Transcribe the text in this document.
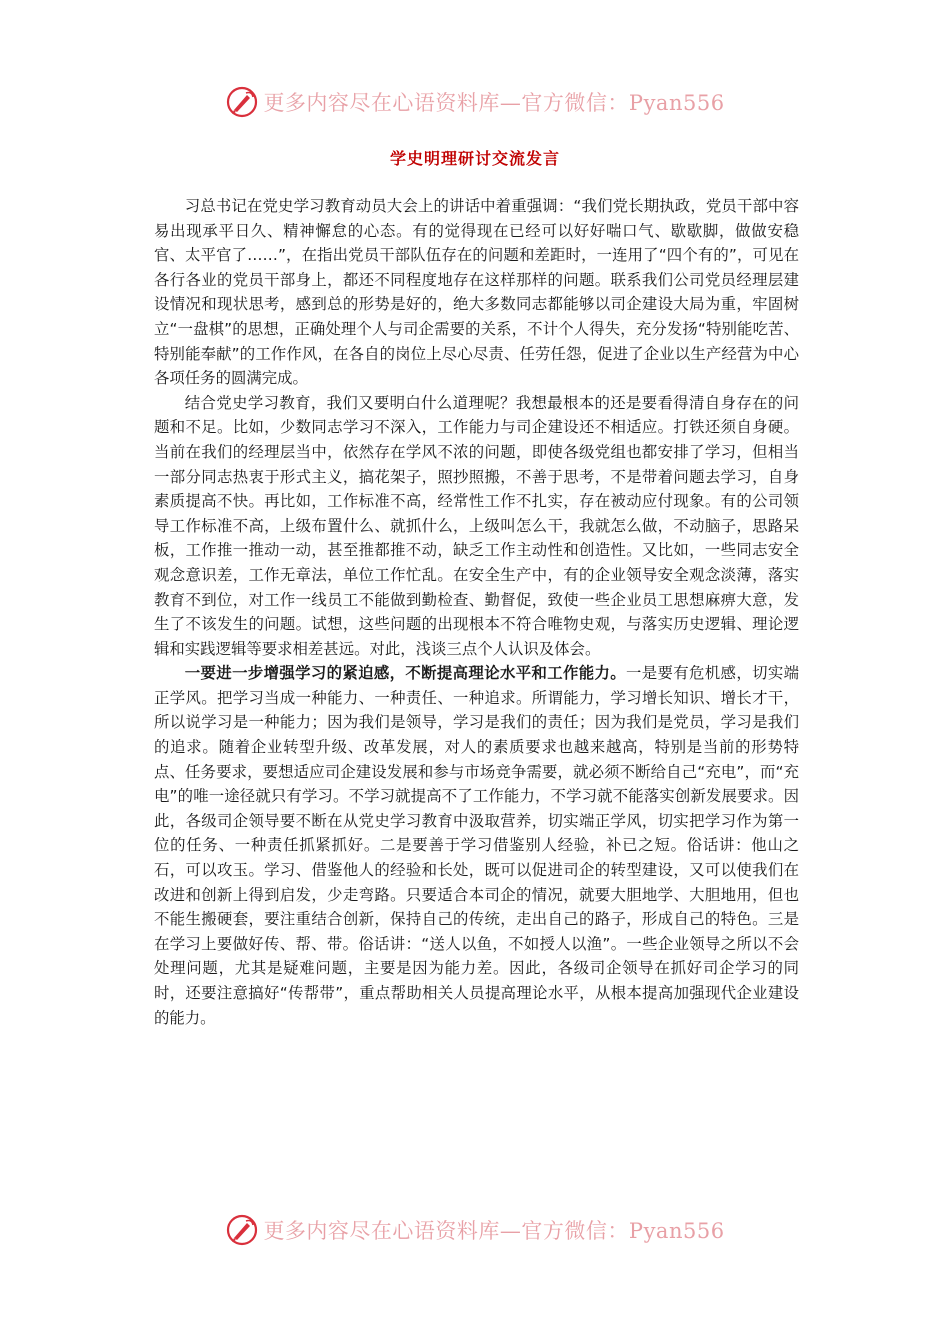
更多内容尽在心语资料库—官方微信：Pyan556
学史明理研讨交流发言

习总书记在党史学习教育动员大会上的讲话中着重强调：“我们党长期执政，党员干部中容易出现承平日久、精神懈怠的心态。有的觉得现在已经可以好好喘口气、歇歇脚，做做安稳官、太平官了……”，在指出党员干部队伍存在的问题和差距时，一连用了“四个有的”，可见在各行各业的党员干部身上，都还不同程度地存在这样那样的问题。联系我们公司党员经理层建设情况和现状思考，感到总的形势是好的，绝大多数同志都能够以司企建设大局为重，牢固树立“一盘棋”的思想，正确处理个人与司企需要的关系，不计个人得失，充分发扬“特别能吃苦、特别能奉献”的工作作风，在各自的岗位上尽心尽责、任劳任怨，促进了企业以生产经营为中心各项任务的圆满完成。

结合党史学习教育，我们又要明白什么道理呢？我想最根本的还是要看得清自身存在的问题和不足。比如，少数同志学习不深入，工作能力与司企建设还不相适应。打铁还须自身硬。当前在我们的经理层当中，依然存在学风不浓的问题，即使各级党组也都安排了学习，但相当一部分同志热衷于形式主义，搞花架子，照抄照搬，不善于思考，不是带着问题去学习，自身素质提高不快。再比如，工作标准不高，经常性工作不扎实，存在被动应付现象。有的公司领导工作标准不高，上级布置什么、就抓什么，上级叫怎么干，我就怎么做，不动脑子，思路呆板，工作推一推动一动，甚至推都推不动，缺乏工作主动性和创造性。又比如，一些同志安全观念意识差，工作无章法，单位工作忙乱。在安全生产中，有的企业领导安全观念淡薄，落实教育不到位，对工作一线员工不能做到勤检查、勤督促，致使一些企业员工思想麻痹大意，发生了不该发生的问题。试想，这些问题的出现根本不符合唯物史观，与落实历史逻辑、理论逻辑和实践逻辑等要求相差甚远。对此，浅谈三点个人认识及体会。

一要进一步增强学习的紧迫感，不断提高理论水平和工作能力。一是要有危机感，切实端正学风。把学习当成一种能力、一种责任、一种追求。所谓能力，学习增长知识、增长才干，所以说学习是一种能力；因为我们是领导，学习是我们的责任；因为我们是党员，学习是我们的追求。随着企业转型升级、改革发展，对人的素质要求也越来越高，特别是当前的形势特点、任务要求，要想适应司企建设发展和参与市场竞争需要，就必须不断给自己“充电”，而“充电”的唯一途径就只有学习。不学习就提高不了工作能力，不学习就不能落实创新发展要求。因此，各级司企领导要不断在从党史学习教育中汲取营养，切实端正学风，切实把学习作为第一位的任务、一种责任抓紧抓好。二是要善于学习借鉴别人经验，补已之短。俗话讲：他山之石，可以攻玉。学习、借鉴他人的经验和长处，既可以促进司企的转型建设，又可以使我们在改进和创新上得到启发，少走弯路。只要适合本司企的情况，就要大胆地学、大胆地用，但也不能生搬硬套，要注重结合创新，保持自己的传统，走出自己的路子，形成自己的特色。三是在学习上要做好传、帮、带。俗话讲：“送人以鱼，不如授人以渔”。一些企业领导之所以不会处理问题，尤其是疑难问题，主要是因为能力差。因此，各级司企领导在抓好司企学习的同时，还要注意搞好“传帮带”，重点帮助相关人员提高理论水平，从根本提高加强现代企业建设的能力。

更多内容尽在心语资料库—官方微信：Pyan556
